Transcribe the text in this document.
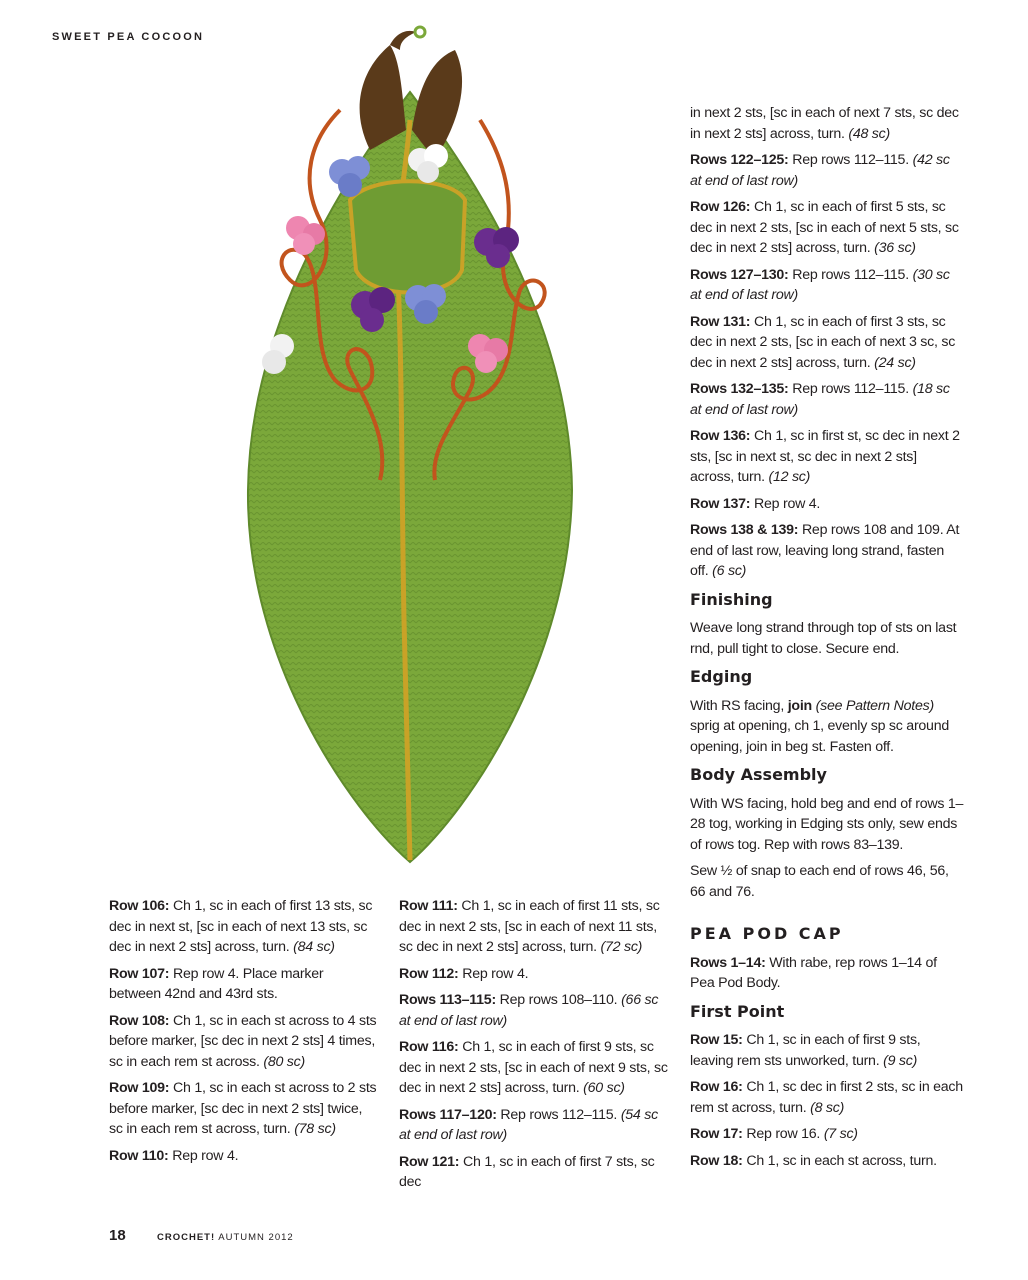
SWEET PEA COCOON

Row 106: Ch 1, sc in each of first 13 sts, sc dec in next st, [sc in each of next 13 sts, sc dec in next 2 sts] across, turn. (84 sc)

Row 107: Rep row 4. Place marker between 42nd and 43rd sts.

Row 108: Ch 1, sc in each st across to 4 sts before marker, [sc dec in next 2 sts] 4 times, sc in each rem st across. (80 sc)

Row 109: Ch 1, sc in each st across to 2 sts before marker, [sc dec in next 2 sts] twice, sc in each rem st across, turn. (78 sc)

Row 110: Rep row 4.

Row 111: Ch 1, sc in each of first 11 sts, sc dec in next 2 sts, [sc in each of next 11 sts, sc dec in next 2 sts] across, turn. (72 sc)

Row 112: Rep row 4.

Rows 113–115: Rep rows 108–110. (66 sc at end of last row)

Row 116: Ch 1, sc in each of first 9 sts, sc dec in next 2 sts, [sc in each of next 9 sts, sc dec in next 2 sts] across, turn. (60 sc)

Rows 117–120: Rep rows 112–115. (54 sc at end of last row)

Row 121: Ch 1, sc in each of first 7 sts, sc dec

in next 2 sts, [sc in each of next 7 sts, sc dec in next 2 sts] across, turn. (48 sc)

Rows 122–125: Rep rows 112–115. (42 sc at end of last row)

Row 126: Ch 1, sc in each of first 5 sts, sc dec in next 2 sts, [sc in each of next 5 sts, sc dec in next 2 sts] across, turn. (36 sc)

Rows 127–130: Rep rows 112–115. (30 sc at end of last row)

Row 131: Ch 1, sc in each of first 3 sts, sc dec in next 2 sts, [sc in each of next 3 sc, sc dec in next 2 sts] across, turn. (24 sc)

Rows 132–135: Rep rows 112–115. (18 sc at end of last row)

Row 136: Ch 1, sc in first st, sc dec in next 2 sts, [sc in next st, sc dec in next 2 sts] across, turn. (12 sc)

Row 137: Rep row 4.

Rows 138 & 139: Rep rows 108 and 109. At end of last row, leaving long strand, fasten off. (6 sc)

Finishing

Weave long strand through top of sts on last rnd, pull tight to close. Secure end.

Edging

With RS facing, join (see Pattern Notes) sprig at opening, ch 1, evenly sp sc around opening, join in beg st. Fasten off.

Body Assembly

With WS facing, hold beg and end of rows 1–28 tog, working in Edging sts only, sew ends of rows tog. Rep with rows 83–139.

Sew ½ of snap to each end of rows 46, 56, 66 and 76.

PEA POD CAP

Rows 1–14: With rabe, rep rows 1–14 of Pea Pod Body.

First Point

Row 15: Ch 1, sc in each of first 9 sts, leaving rem sts unworked, turn. (9 sc)

Row 16: Ch 1, sc dec in first 2 sts, sc in each rem st across, turn. (8 sc)

Row 17: Rep row 16. (7 sc)

Row 18: Ch 1, sc in each st across, turn.

18	CROCHET! AUTUMN 2012
